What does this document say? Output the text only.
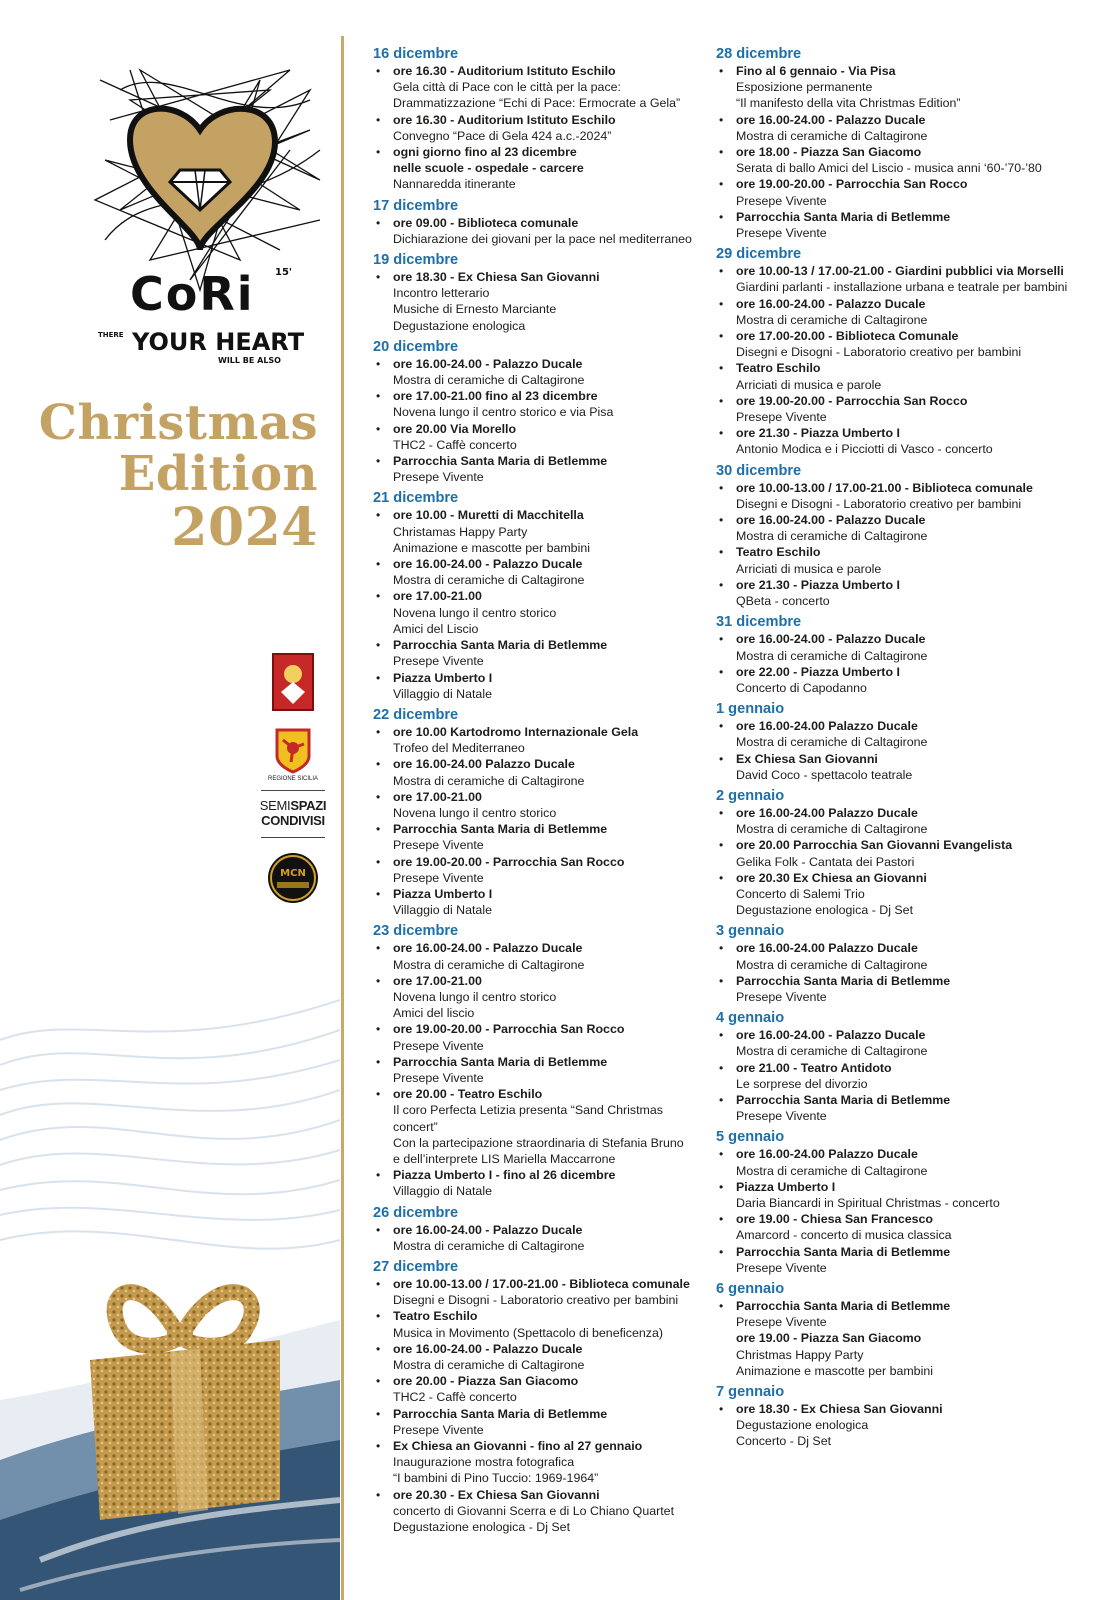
CoRi 15'
THERE YOUR HEART
WILL BE ALSO
Christmas
Edition
2024
REGIONE SICILIA
SEMISPAZI
CONDIVISI
MCN
16 dicembre
• ore 16.30 - Auditorium Istituto Eschilo
Gela città di Pace con le città per la pace:
Drammatizzazione “Echi di Pace: Ermocrate a Gela”
• ore 16.30 - Auditorium Istituto Eschilo
Convegno “Pace di Gela 424 a.c.-2024”
• ogni giorno fino al 23 dicembre
nelle scuole - ospedale - carcere
Nannaredda itinerante
17 dicembre
• ore 09.00 - Biblioteca comunale
Dichiarazione dei giovani per la pace nel mediterraneo
19 dicembre
• ore 18.30 - Ex Chiesa San Giovanni
Incontro letterario
Musiche di Ernesto Marciante
Degustazione enologica
20 dicembre
• ore 16.00-24.00 - Palazzo Ducale
Mostra di ceramiche di Caltagirone
• ore 17.00-21.00 fino al 23 dicembre
Novena lungo il centro storico e via Pisa
• ore 20.00 Via Morello
THC2 - Caffè concerto
• Parrocchia Santa Maria di Betlemme
Presepe Vivente
21 dicembre
• ore 10.00 - Muretti di Macchitella
Christamas Happy Party
Animazione e mascotte per bambini
• ore 16.00-24.00 - Palazzo Ducale
Mostra di ceramiche di Caltagirone
• ore 17.00-21.00
Novena lungo il centro storico
Amici del Liscio
• Parrocchia Santa Maria di Betlemme
Presepe Vivente
• Piazza Umberto I
Villaggio di Natale
22 dicembre
• ore 10.00 Kartodromo Internazionale Gela
Trofeo del Mediterraneo
• ore 16.00-24.00 Palazzo Ducale
Mostra di ceramiche di Caltagirone
• ore 17.00-21.00
Novena lungo il centro storico
• Parrocchia Santa Maria di Betlemme
Presepe Vivente
• ore 19.00-20.00 - Parrocchia San Rocco
Presepe Vivente
• Piazza Umberto I
Villaggio di Natale
23 dicembre
• ore 16.00-24.00 - Palazzo Ducale
Mostra di ceramiche di Caltagirone
• ore 17.00-21.00
Novena lungo il centro storico
Amici del liscio
• ore 19.00-20.00 - Parrocchia San Rocco
Presepe Vivente
• Parrocchia Santa Maria di Betlemme
Presepe Vivente
• ore 20.00 - Teatro Eschilo
Il coro Perfecta Letizia presenta “Sand Christmas concert”
Con la partecipazione straordinaria di Stefania Bruno
e dell’interprete LIS Mariella Maccarrone
• Piazza Umberto I - fino al 26 dicembre
Villaggio di Natale
26 dicembre
• ore 16.00-24.00 - Palazzo Ducale
Mostra di ceramiche di Caltagirone
27 dicembre
• ore 10.00-13.00 / 17.00-21.00 - Biblioteca comunale
Disegni e Disogni - Laboratorio creativo per bambini
• Teatro Eschilo
Musica in Movimento (Spettacolo di beneficenza)
• ore 16.00-24.00 - Palazzo Ducale
Mostra di ceramiche di Caltagirone
• ore 20.00 - Piazza San Giacomo
THC2 - Caffè concerto
• Parrocchia Santa Maria di Betlemme
Presepe Vivente
• Ex Chiesa an Giovanni - fino al 27 gennaio
Inaugurazione mostra fotografica
“I bambini di Pino Tuccio: 1969-1964”
• ore 20.30 - Ex Chiesa San Giovanni
concerto di Giovanni Scerra e di Lo Chiano Quartet
Degustazione enologica - Dj Set
28 dicembre
• Fino al 6 gennaio - Via Pisa
Esposizione permanente
“Il manifesto della vita Christmas Edition”
• ore 16.00-24.00 - Palazzo Ducale
Mostra di ceramiche di Caltagirone
• ore 18.00 - Piazza San Giacomo
Serata di ballo Amici del Liscio - musica anni ‘60-’70-’80
• ore 19.00-20.00 - Parrocchia San Rocco
Presepe Vivente
• Parrocchia Santa Maria di Betlemme
Presepe Vivente
29 dicembre
• ore 10.00-13 / 17.00-21.00 - Giardini pubblici via Morselli
Giardini parlanti - installazione urbana e teatrale per bambini
• ore 16.00-24.00 - Palazzo Ducale
Mostra di ceramiche di Caltagirone
• ore 17.00-20.00 - Biblioteca Comunale
Disegni e Disogni - Laboratorio creativo per bambini
• Teatro Eschilo
Arriciati di musica e parole
• ore 19.00-20.00 - Parrocchia San Rocco
Presepe Vivente
• ore 21.30 - Piazza Umberto I
Antonio Modica e i Picciotti di Vasco - concerto
30 dicembre
• ore 10.00-13.00 / 17.00-21.00 - Biblioteca comunale
Disegni e Disogni - Laboratorio creativo per bambini
• ore 16.00-24.00 - Palazzo Ducale
Mostra di ceramiche di Caltagirone
• Teatro Eschilo
Arriciati di musica e parole
• ore 21.30 - Piazza Umberto I
QBeta - concerto
31 dicembre
• ore 16.00-24.00 - Palazzo Ducale
Mostra di ceramiche di Caltagirone
• ore 22.00 - Piazza Umberto I
Concerto di Capodanno
1 gennaio
• ore 16.00-24.00 Palazzo Ducale
Mostra di ceramiche di Caltagirone
• Ex Chiesa San Giovanni
David Coco - spettacolo teatrale
2 gennaio
• ore 16.00-24.00 Palazzo Ducale
Mostra di ceramiche di Caltagirone
• ore 20.00 Parrocchia San Giovanni Evangelista
Gelika Folk - Cantata dei Pastori
• ore 20.30 Ex Chiesa an Giovanni
Concerto di Salemi Trio
Degustazione enologica - Dj Set
3 gennaio
• ore 16.00-24.00 Palazzo Ducale
Mostra di ceramiche di Caltagirone
• Parrocchia Santa Maria di Betlemme
Presepe Vivente
4 gennaio
• ore 16.00-24.00 - Palazzo Ducale
Mostra di ceramiche di Caltagirone
• ore 21.00 - Teatro Antidoto
Le sorprese del divorzio
• Parrocchia Santa Maria di Betlemme
Presepe Vivente
5 gennaio
• ore 16.00-24.00 Palazzo Ducale
Mostra di ceramiche di Caltagirone
• Piazza Umberto I
Daria Biancardi in Spiritual Christmas - concerto
• ore 19.00 - Chiesa San Francesco
Amarcord - concerto di musica classica
• Parrocchia Santa Maria di Betlemme
Presepe Vivente
6 gennaio
• Parrocchia Santa Maria di Betlemme
Presepe Vivente
ore 19.00 - Piazza San Giacomo
Christmas Happy Party
Animazione e mascotte per bambini
7 gennaio
• ore 18.30 - Ex Chiesa San Giovanni
Degustazione enologica
Concerto - Dj Set
